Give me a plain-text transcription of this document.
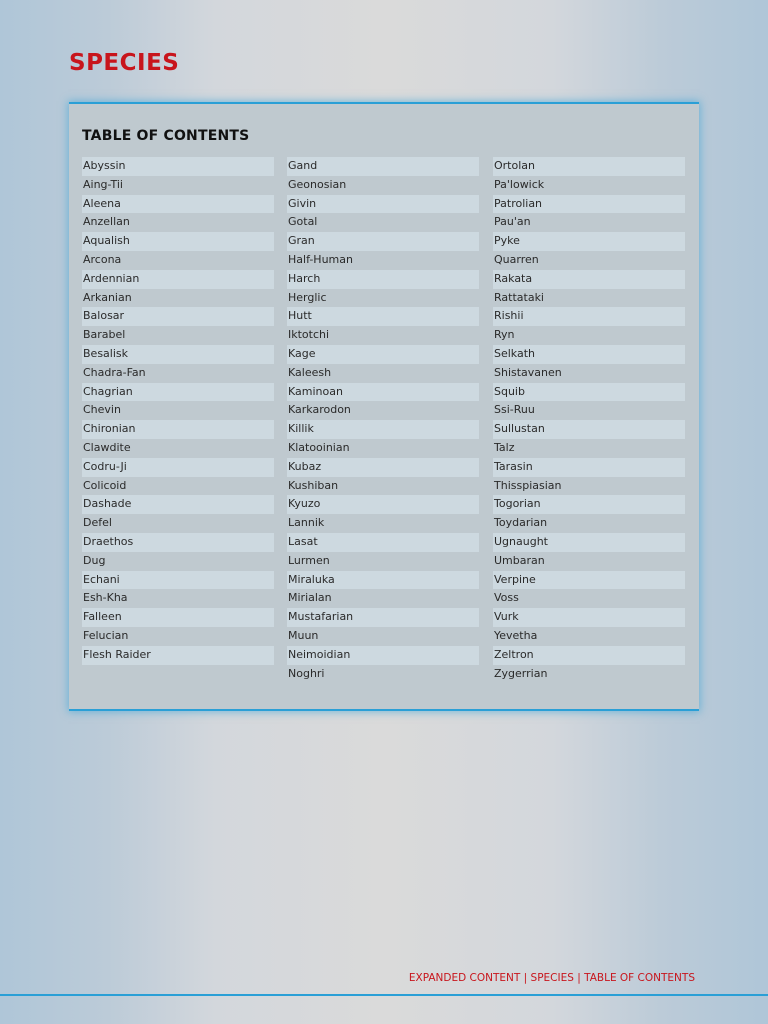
SPECIES
TABLE OF CONTENTS
Abyssin
Aing-Tii
Aleena
Anzellan
Aqualish
Arcona
Ardennian
Arkanian
Balosar
Barabel
Besalisk
Chadra-Fan
Chagrian
Chevin
Chironian
Clawdite
Codru-Ji
Colicoid
Dashade
Defel
Draethos
Dug
Echani
Esh-Kha
Falleen
Felucian
Flesh Raider
Gand
Geonosian
Givin
Gotal
Gran
Half-Human
Harch
Herglic
Hutt
Iktotchi
Kage
Kaleesh
Kaminoan
Karkarodon
Killik
Klatooinian
Kubaz
Kushiban
Kyuzo
Lannik
Lasat
Lurmen
Miraluka
Mirialan
Mustafarian
Muun
Neimoidian
Noghri
Ortolan
Pa'lowick
Patrolian
Pau'an
Pyke
Quarren
Rakata
Rattataki
Rishii
Ryn
Selkath
Shistavanen
Squib
Ssi-Ruu
Sullustan
Talz
Tarasin
Thisspiasian
Togorian
Toydarian
Ugnaught
Umbaran
Verpine
Voss
Vurk
Yevetha
Zeltron
Zygerrian
EXPANDED CONTENT | SPECIES | TABLE OF CONTENTS
